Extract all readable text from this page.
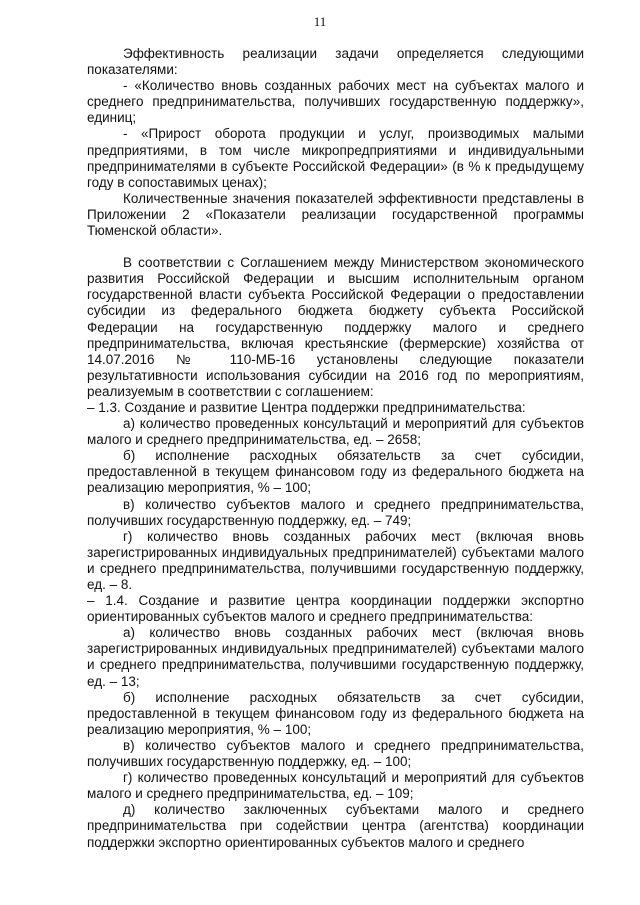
11

Эффективность реализации задачи определяется следующими показателями:

- «Количество вновь созданных рабочих мест на субъектах малого и среднего предпринимательства, получивших государственную поддержку», единиц;

- «Прирост оборота продукции и услуг, производимых малыми предприятиями, в том числе микропредприятиями и индивидуальными предпринимателями в субъекте Российской Федерации» (в % к предыдущему году в сопоставимых ценах);

Количественные значения показателей эффективности представлены в Приложении 2 «Показатели реализации государственной программы Тюменской области».

В соответствии с Соглашением между Министерством экономического развития Российской Федерации и высшим исполнительным органом государственной власти субъекта Российской Федерации о предоставлении субсидии из федерального бюджета бюджету субъекта Российской Федерации на государственную поддержку малого и среднего предпринимательства, включая крестьянские (фермерские) хозяйства от 14.07.2016 № 110-МБ-16 установлены следующие показатели результативности использования субсидии на 2016 год по мероприятиям, реализуемым в соответствии с соглашением:

– 1.3. Создание и развитие Центра поддержки предпринимательства:

а) количество проведенных консультаций и мероприятий для субъектов малого и среднего предпринимательства, ед. – 2658;

б) исполнение расходных обязательств за счет субсидии, предоставленной в текущем финансовом году из федерального бюджета на реализацию мероприятия, % – 100;

в) количество субъектов малого и среднего предпринимательства, получивших государственную поддержку, ед. – 749;

г) количество вновь созданных рабочих мест (включая вновь зарегистрированных индивидуальных предпринимателей) субъектами малого и среднего предпринимательства, получившими государственную поддержку, ед. – 8.

– 1.4. Создание и развитие центра координации поддержки экспортно ориентированных субъектов малого и среднего предпринимательства:

а) количество вновь созданных рабочих мест (включая вновь зарегистрированных индивидуальных предпринимателей) субъектами малого и среднего предпринимательства, получившими государственную поддержку, ед. – 13;

б) исполнение расходных обязательств за счет субсидии, предоставленной в текущем финансовом году из федерального бюджета на реализацию мероприятия, % – 100;

в) количество субъектов малого и среднего предпринимательства, получивших государственную поддержку, ед. – 100;

г) количество проведенных консультаций и мероприятий для субъектов малого и среднего предпринимательства, ед. – 109;

д) количество заключенных субъектами малого и среднего предпринимательства при содействии центра (агентства) координации поддержки экспортно ориентированных субъектов малого и среднего
